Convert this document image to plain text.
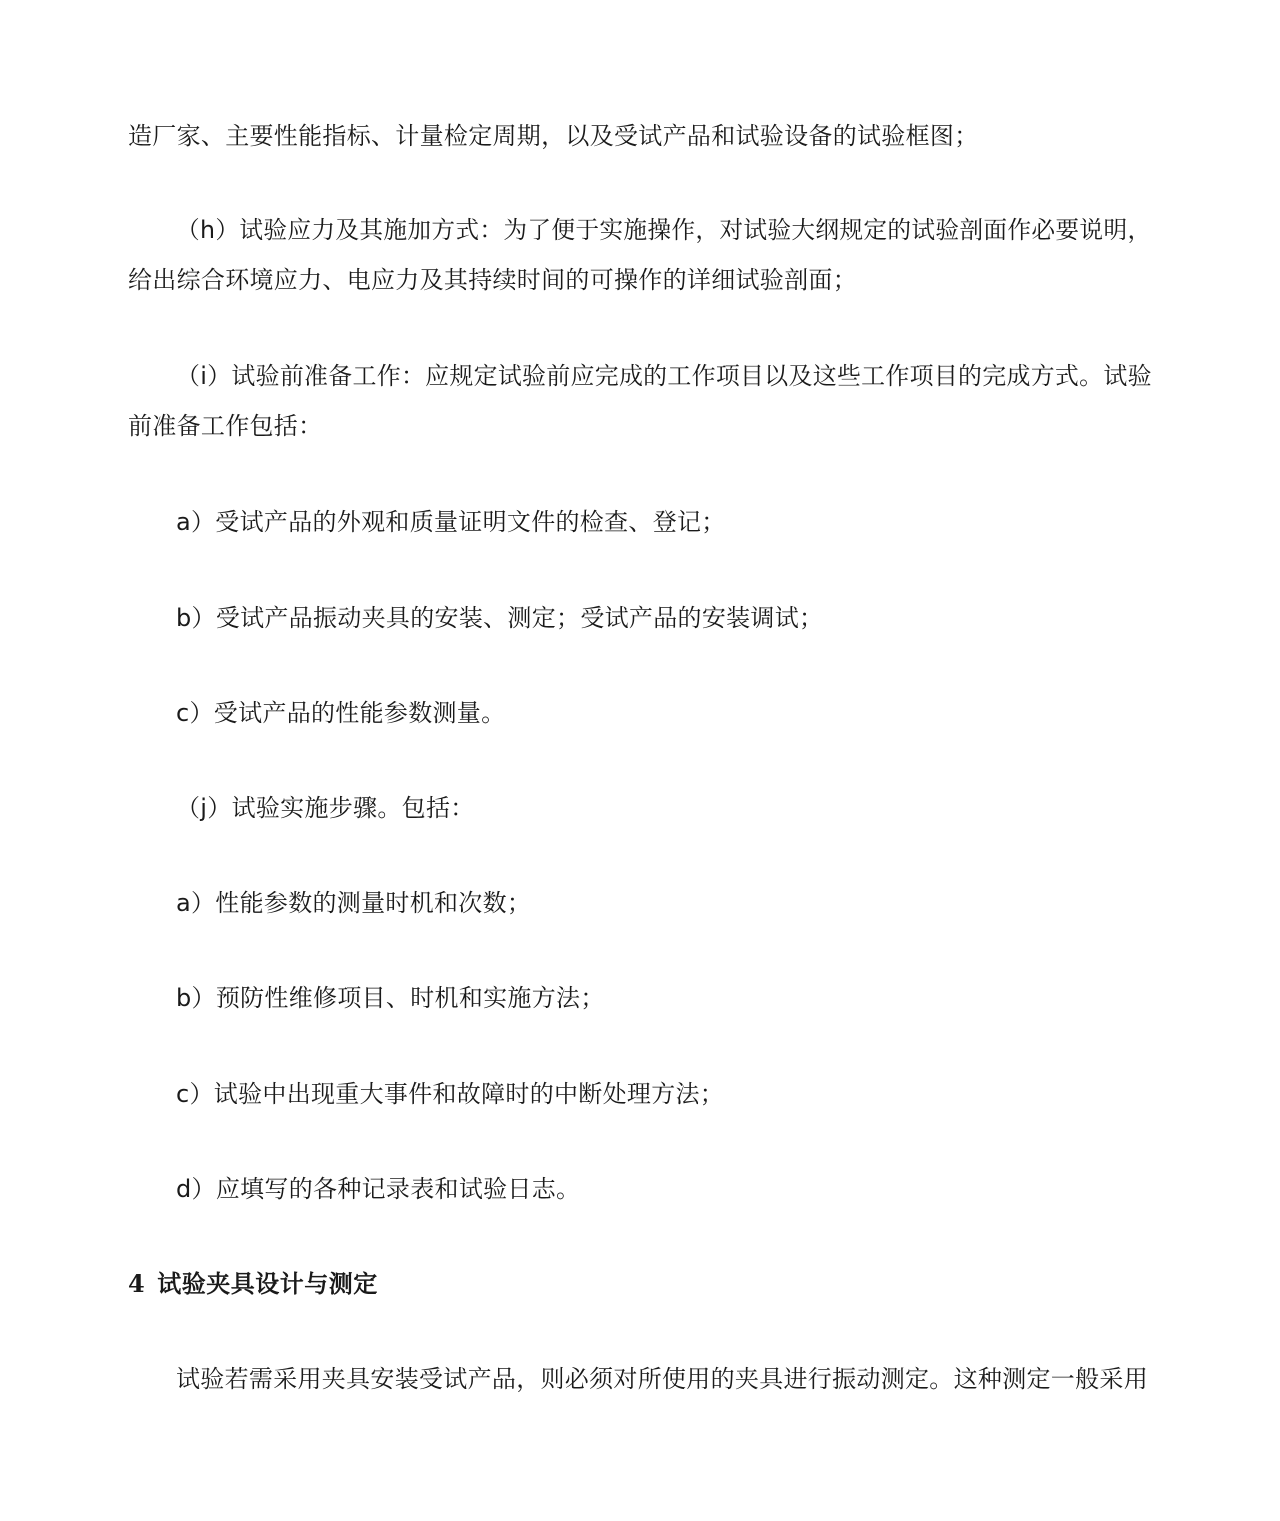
造厂家、主要性能指标、计量检定周期，以及受试产品和试验设备的试验框图；

（h）试验应力及其施加方式：为了便于实施操作，对试验大纲规定的试验剖面作必要说明，

给出综合环境应力、电应力及其持续时间的可操作的详细试验剖面；

（i）试验前准备工作：应规定试验前应完成的工作项目以及这些工作项目的完成方式。试验

前准备工作包括：

a）受试产品的外观和质量证明文件的检查、登记；

b）受试产品振动夹具的安装、测定；受试产品的安装调试；

c）受试产品的性能参数测量。

（j）试验实施步骤。包括：

a）性能参数的测量时机和次数；

b）预防性维修项目、时机和实施方法；

c）试验中出现重大事件和故障时的中断处理方法；

d）应填写的各种记录表和试验日志。

4 试验夹具设计与测定

试验若需采用夹具安装受试产品，则必须对所使用的夹具进行振动测定。这种测定一般采用
